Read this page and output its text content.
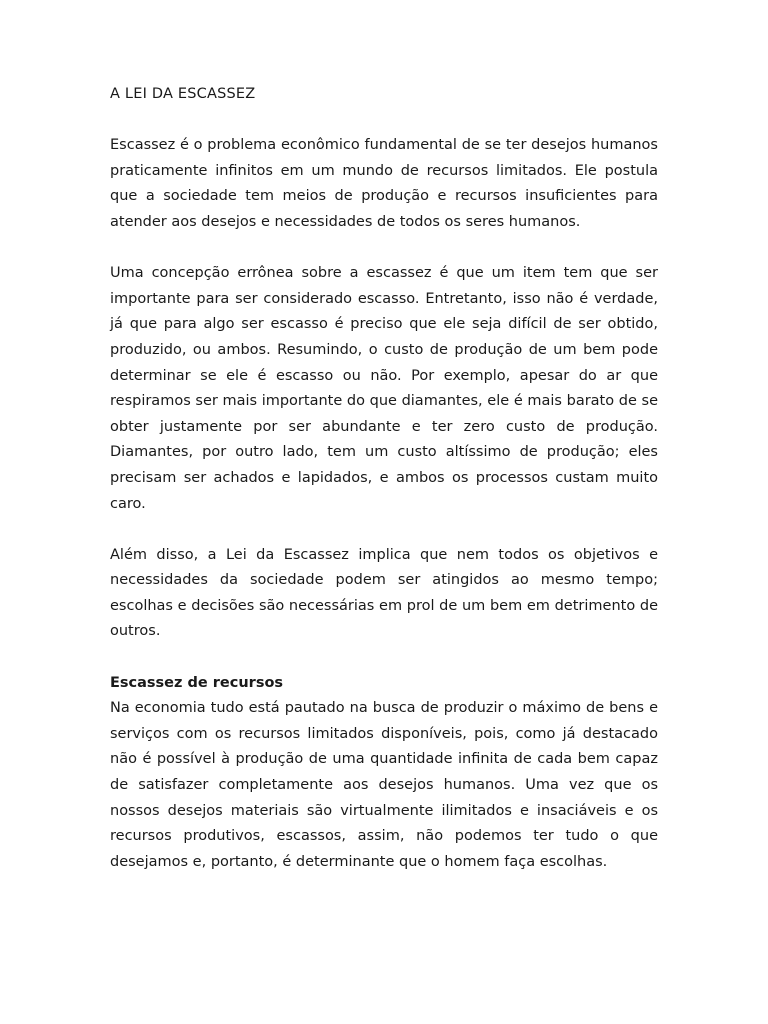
A LEI DA ESCASSEZ

Escassez é o problema econômico fundamental de se ter desejos humanos praticamente infinitos em um mundo de recursos limitados. Ele postula que a sociedade tem meios de produção e recursos insuficientes para atender aos desejos e necessidades de todos os seres humanos.

Uma concepção errônea sobre a escassez é que um item tem que ser importante para ser considerado escasso. Entretanto, isso não é verdade, já que para algo ser escasso é preciso que ele seja difícil de ser obtido, produzido, ou ambos. Resumindo, o custo de produção de um bem pode determinar se ele é escasso ou não. Por exemplo, apesar do ar que respiramos ser mais importante do que diamantes, ele é mais barato de se obter justamente por ser abundante e ter zero custo de produção. Diamantes, por outro lado, tem um custo altíssimo de produção; eles precisam ser achados e lapidados, e ambos os processos custam muito caro.

Além disso, a Lei da Escassez implica que nem todos os objetivos e necessidades da sociedade podem ser atingidos ao mesmo tempo; escolhas e decisões são necessárias em prol de um bem em detrimento de outros.

Escassez de recursos

Na economia tudo está pautado na busca de produzir o máximo de bens e serviços com os recursos limitados disponíveis, pois, como já destacado não é possível à produção de uma quantidade infinita de cada bem capaz de satisfazer completamente aos desejos humanos. Uma vez que os nossos desejos materiais são virtualmente ilimitados e insaciáveis e os recursos produtivos, escassos, assim, não podemos ter tudo o que desejamos e, portanto, é determinante que o homem faça escolhas.
